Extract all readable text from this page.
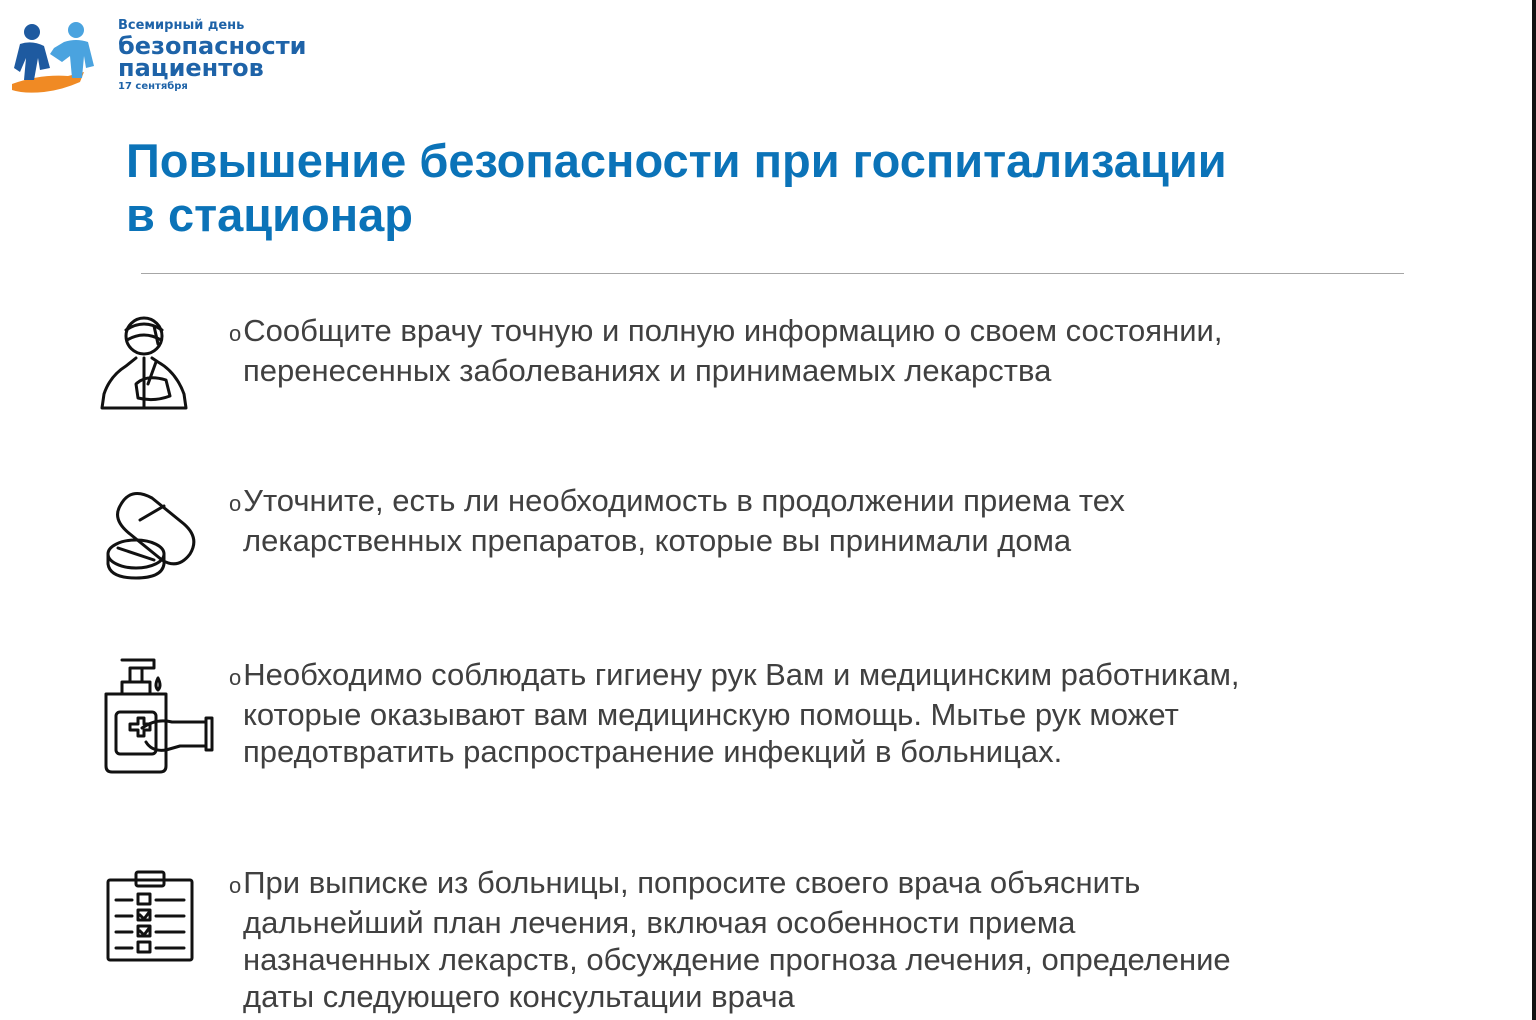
Всемирный день
безопасности
пациентов
17 сентября
Повышение безопасности при госпитализации
в стационар
oСообщите врачу точную и полную информацию о своем состоянии,
перенесенных заболеваниях и принимаемых лекарства
oУточните, есть ли необходимость в продолжении приема тех
лекарственных препаратов, которые вы принимали дома
oНеобходимо соблюдать гигиену рук Вам и медицинским работникам,
которые оказывают вам медицинскую помощь. Мытье рук может
предотвратить распространение инфекций в больницах.
oПри выписке из больницы, попросите своего врача объяснить
дальнейший план лечения, включая особенности приема
назначенных лекарств, обсуждение прогноза лечения, определение
даты следующего консультации врача
